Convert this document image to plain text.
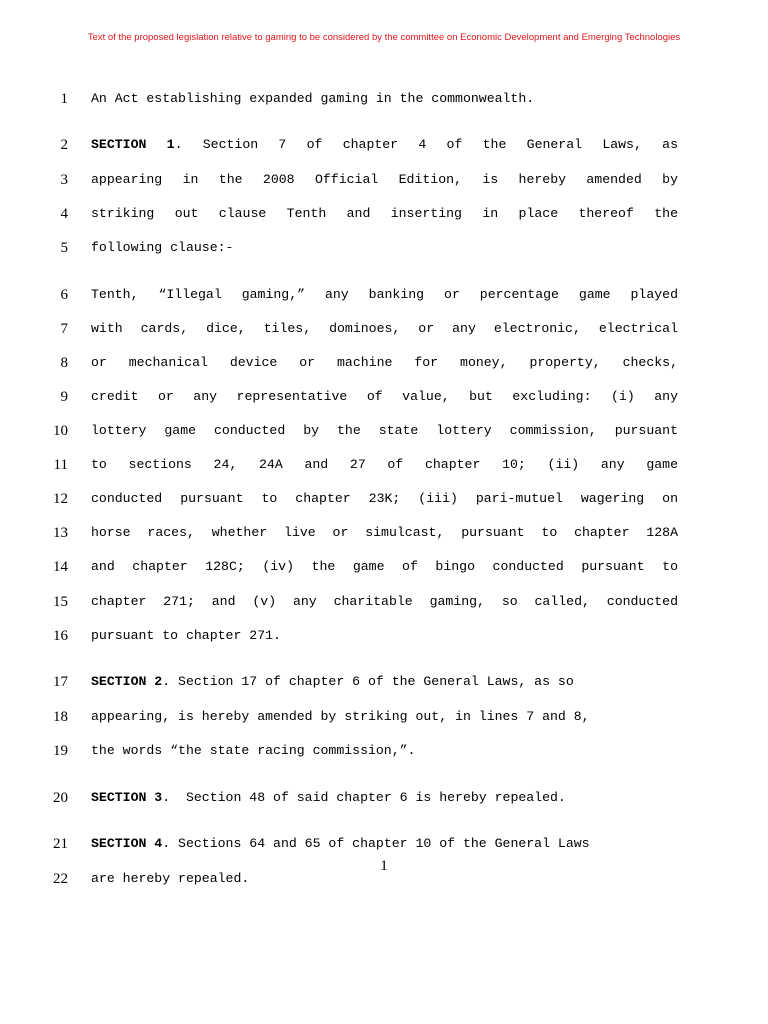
Text of the proposed legislation relative to gaming to be considered by the committee on Economic Development and Emerging Technologies
1 An Act establishing expanded gaming in the commonwealth.
2 SECTION 1. Section 7 of chapter 4 of the General Laws, as
3 appearing in the 2008 Official Edition, is hereby amended by
4 striking out clause Tenth and inserting in place thereof the
5 following clause:-
6 Tenth, “Illegal gaming,” any banking or percentage game played
7 with cards, dice, tiles, dominoes, or any electronic, electrical
8 or mechanical device or machine for money, property, checks,
9 credit or any representative of value, but excluding: (i) any
10 lottery game conducted by the state lottery commission, pursuant
11 to sections 24, 24A and 27 of chapter 10; (ii) any game
12 conducted pursuant to chapter 23K; (iii) pari-mutuel wagering on
13 horse races, whether live or simulcast, pursuant to chapter 128A
14 and chapter 128C; (iv) the game of bingo conducted pursuant to
15 chapter 271; and (v) any charitable gaming, so called, conducted
16 pursuant to chapter 271.
17 SECTION 2. Section 17 of chapter 6 of the General Laws, as so
18 appearing, is hereby amended by striking out, in lines 7 and 8,
19 the words “the state racing commission,”.
20 SECTION 3.  Section 48 of said chapter 6 is hereby repealed.
21 SECTION 4. Sections 64 and 65 of chapter 10 of the General Laws
22 are hereby repealed.
1
